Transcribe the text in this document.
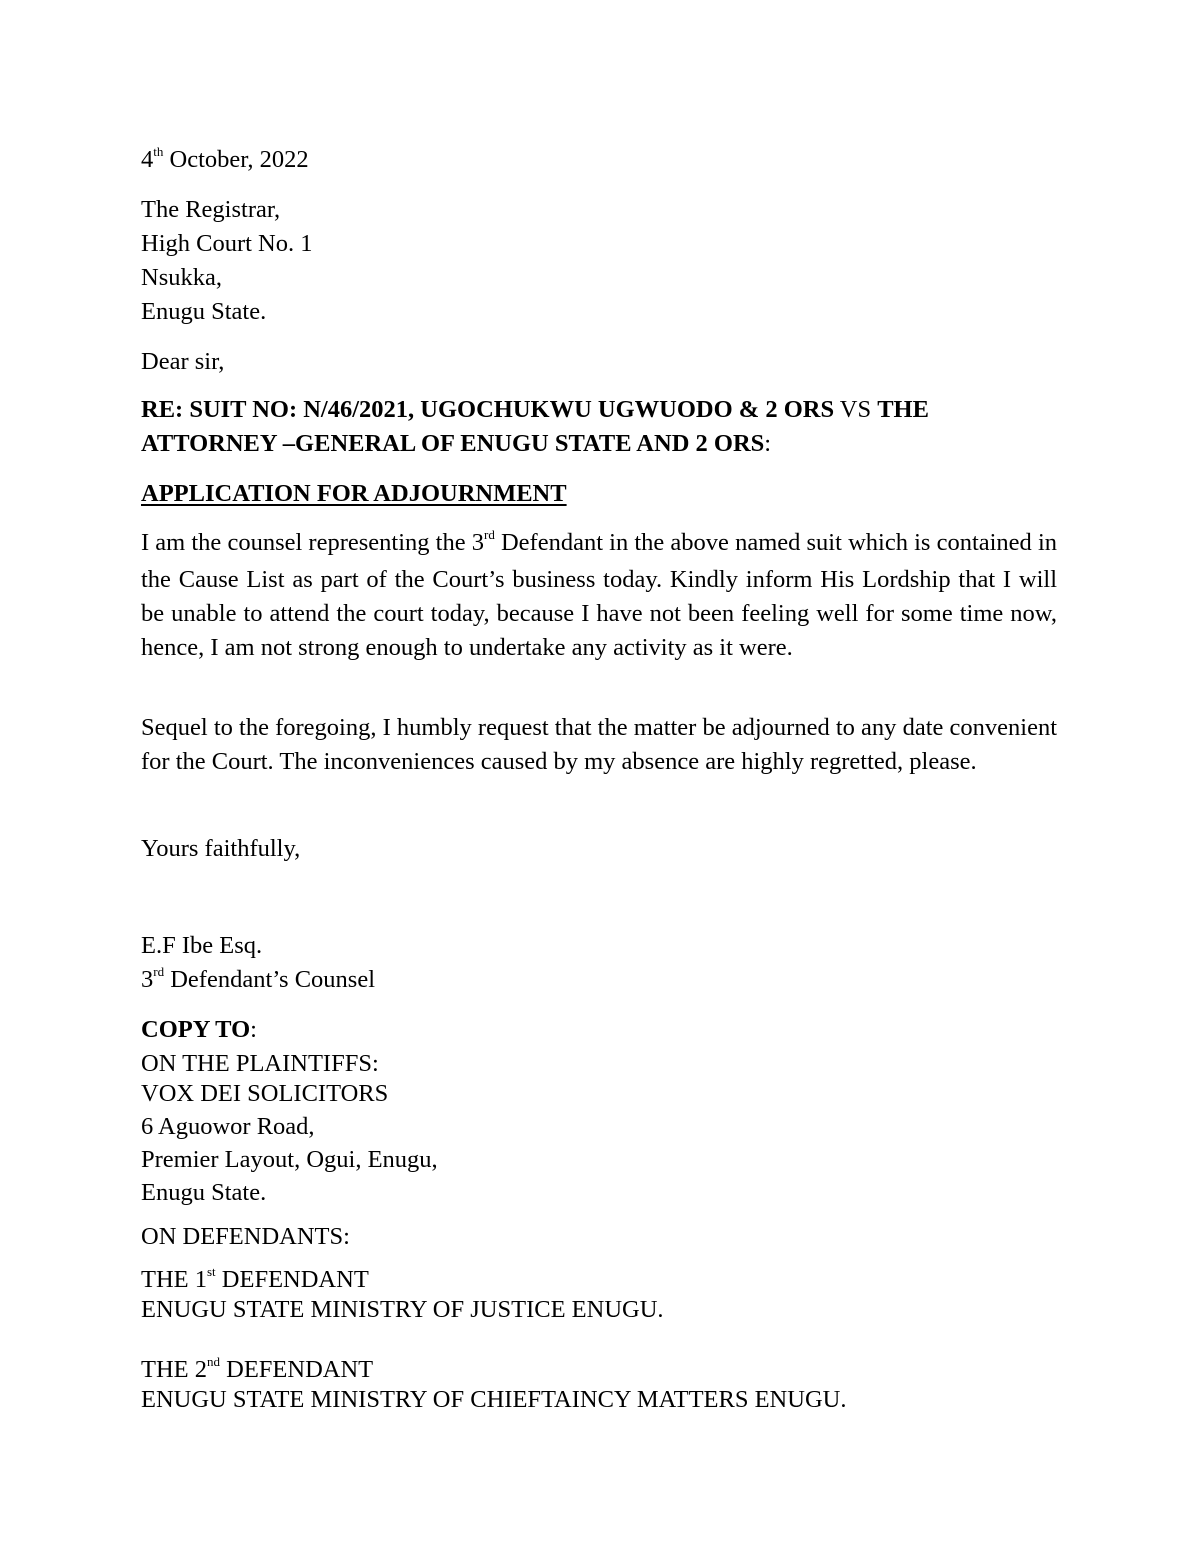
4th October, 2022
The Registrar,
High Court No. 1
Nsukka,
Enugu State.
Dear sir,
RE: SUIT NO: N/46/2021, UGOCHUKWU UGWUODO & 2 ORS VS THE ATTORNEY –GENERAL OF ENUGU STATE AND 2 ORS:
APPLICATION FOR ADJOURNMENT
I am the counsel representing the 3rd Defendant in the above named suit which is contained in the Cause List as part of the Court’s business today. Kindly inform His Lordship that I will be unable to attend the court today, because I have not been feeling well for some time now, hence, I am not strong enough to undertake any activity as it were.
Sequel to the foregoing, I humbly request that the matter be adjourned to any date convenient for the Court. The inconveniences caused by my absence are highly regretted, please.
Yours faithfully,
E.F Ibe Esq.
3rd Defendant’s Counsel
COPY TO:
ON THE PLAINTIFFS:
VOX DEI SOLICITORS
6 Aguowor Road,
Premier Layout, Ogui, Enugu,
Enugu State.
ON DEFENDANTS:
THE 1st DEFENDANT
ENUGU STATE MINISTRY OF JUSTICE ENUGU.
THE 2nd DEFENDANT
ENUGU STATE MINISTRY OF CHIEFTAINCY MATTERS ENUGU.
